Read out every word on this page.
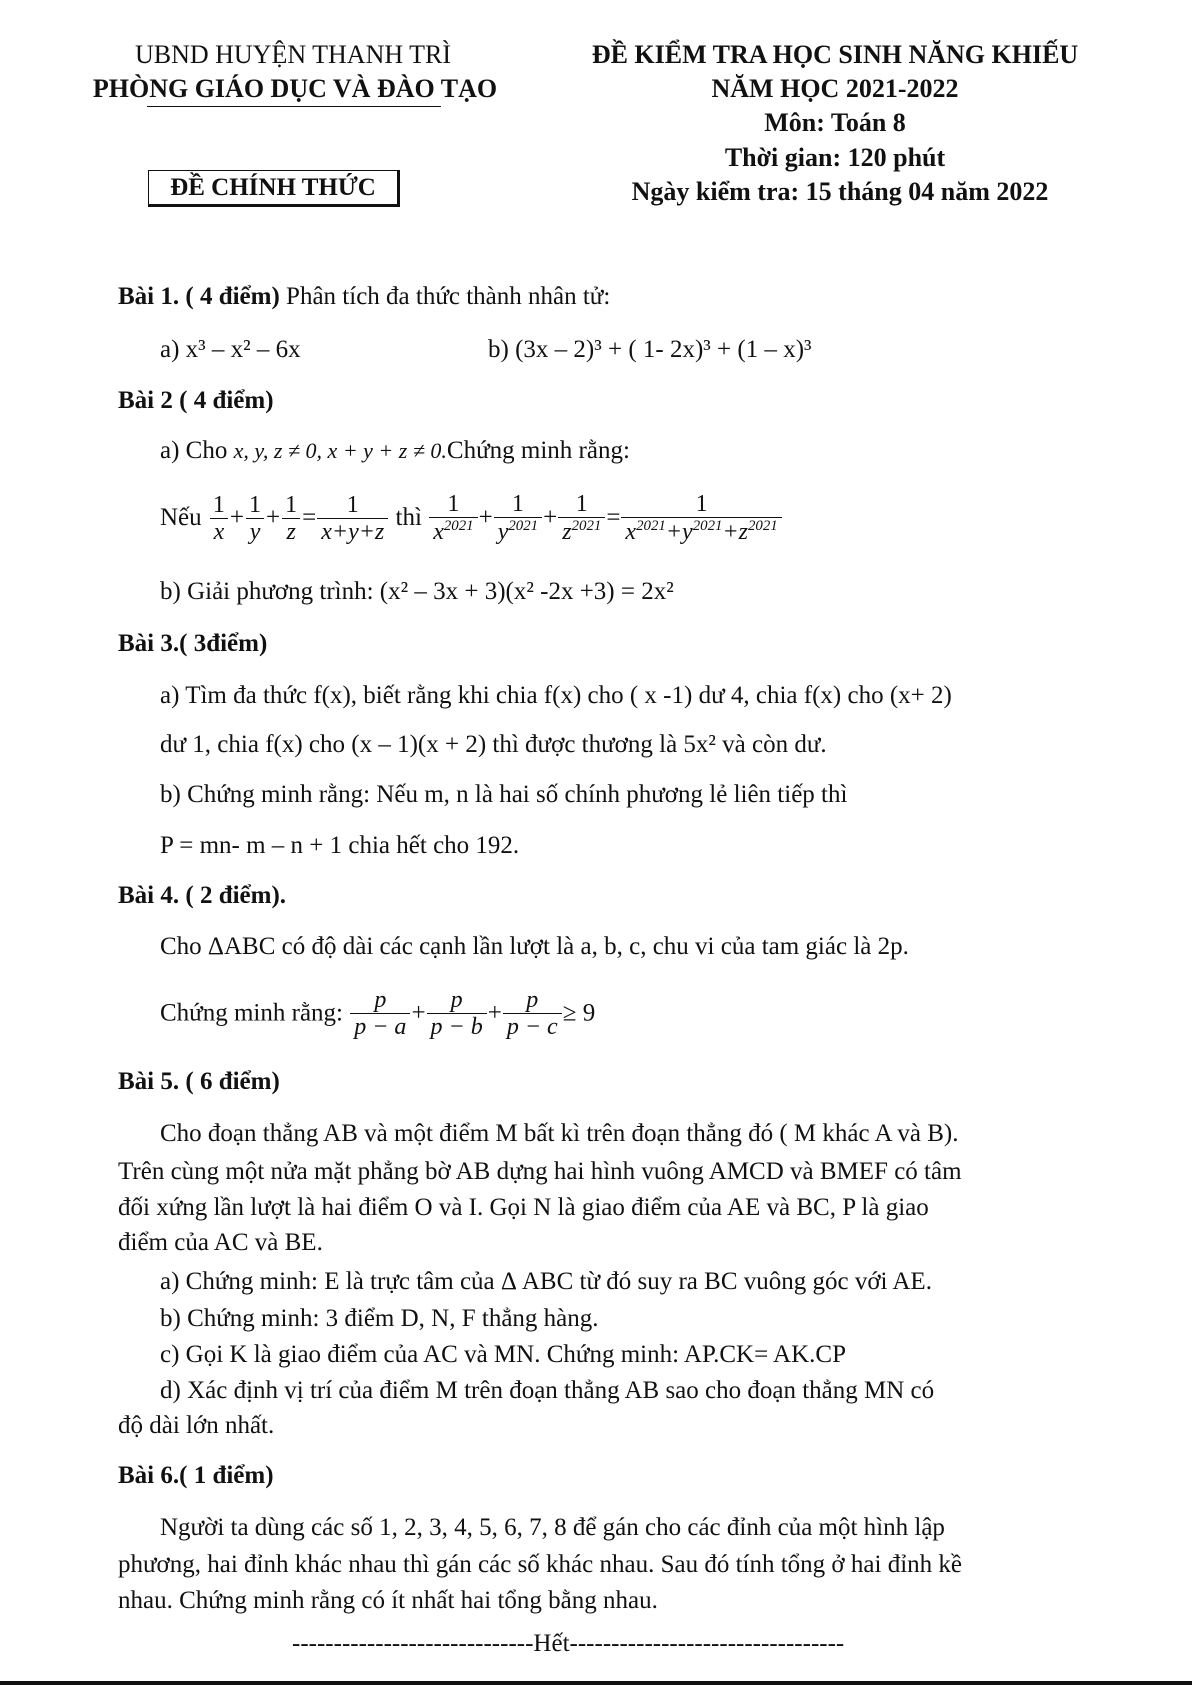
UBND HUYỆN THANH TRÌ
PHÒNG GIÁO DỤC VÀ ĐÀO TẠO
ĐỀ CHÍNH THỨC
ĐỀ KIỂM TRA HỌC SINH NĂNG KHIẾU
NĂM HỌC 2021-2022
Môn: Toán 8
Thời gian: 120 phút
Ngày kiểm tra: 15 tháng 04 năm 2022
Bài 1. ( 4 điểm) Phân tích đa thức thành nhân tử:
a) x³ – x² – 6x	b) (3x – 2)³ + ( 1- 2x)³ + (1 – x)³
Bài 2 ( 4 điểm)
a) Cho x, y, z ≠ 0, x + y + z ≠ 0.Chứng minh rằng:
Nếu $\frac{1}{x} + \frac{1}{y} + \frac{1}{z} = \frac{1}{x+y+z}$ thì $\frac{1}{x^{2021}} + \frac{1}{y^{2021}} + \frac{1}{z^{2021}} = \frac{1}{x^{2021}+y^{2021}+z^{2021}}$
b) Giải phương trình: (x² – 3x + 3)(x² -2x +3) = 2x²
Bài 3.( 3điểm)
a) Tìm đa thức f(x), biết rằng khi chia f(x) cho ( x -1) dư 4, chia f(x) cho (x+ 2)
dư 1, chia f(x) cho (x – 1)(x + 2) thì được thương là 5x² và còn dư.
b) Chứng minh rằng: Nếu m, n là hai số chính phương lẻ liên tiếp thì
P = mn- m – n + 1 chia hết cho 192.
Bài 4. ( 2 điểm).
Cho ΔABC có độ dài các cạnh lần lượt là a, b, c, chu vi của tam giác là 2p.
Chứng minh rằng: $\frac{p}{p - a} + \frac{p}{p - b} + \frac{p}{p - c} \ge 9$
Bài 5. ( 6 điểm)
Cho đoạn thẳng AB và một điểm M bất kì trên đoạn thẳng đó ( M khác A và B).
Trên cùng một nửa mặt phẳng bờ AB dựng hai hình vuông AMCD và BMEF có tâm
đối xứng lần lượt là hai điểm O và I. Gọi N là giao điểm của AE và BC, P là giao
điểm của AC và BE.
a) Chứng minh: E là trực tâm của Δ ABC từ đó suy ra BC vuông góc với AE.
b) Chứng minh: 3 điểm D, N, F thẳng hàng.
c) Gọi K là giao điểm của AC và MN. Chứng minh: AP.CK= AK.CP
d) Xác định vị trí của điểm M trên đoạn thẳng AB sao cho đoạn thẳng MN có
độ dài lớn nhất.
Bài 6.( 1 điểm)
Người ta dùng các số 1, 2, 3, 4, 5, 6, 7, 8 để gán cho các đỉnh của một hình lập
phương, hai đỉnh khác nhau thì gán các số khác nhau. Sau đó tính tổng ở hai đỉnh kề
nhau. Chứng minh rằng có ít nhất hai tổng bằng nhau.
-----------------------------Hết---------------------------------
